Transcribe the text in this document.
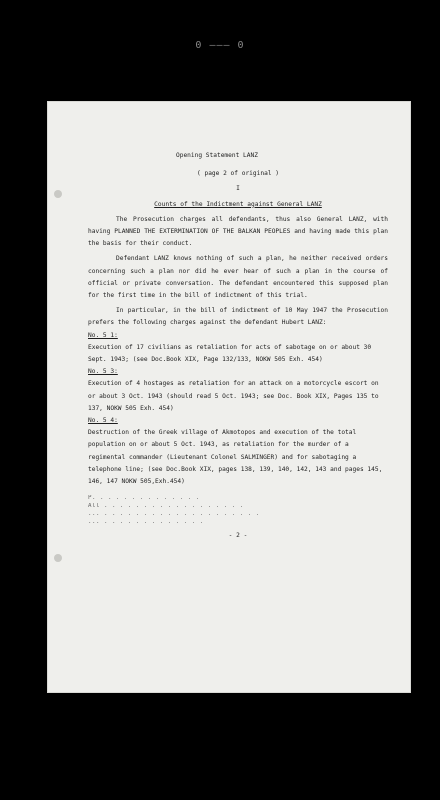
0 ——— 0
Opening Statement LANZ
( page 2 of original )
I
Counts of the Indictment against General LANZ
The Prosecution charges all defendants, thus also General LANZ, with having PLANNED THE EXTERMINATION OF THE BALKAN PEOPLES and having made this plan the basis for their conduct.
Defendant LANZ knows nothing of such a plan, he neither received orders concerning such a plan nor did he ever hear of such a plan in the course of official or private conversation. The defendant encountered this supposed plan for the first time in the bill of indictment of this trial.
In particular, in the bill of indictment of 10 May 1947 the Prosecution prefers the following charges against the defendant Hubert LANZ:
No. 5 1:
Execution of 17 civilians as retaliation for acts of sabotage on or about 30 Sept. 1943; (see Doc.Book XIX, Page 132/133, NOKW 505 Exh. 454)
No. 5 3:
Execution of 4 hostages as retaliation for an attack on a motorcycle escort on or about 3 Oct. 1943 (should read 5 Oct. 1943; see Doc. Book XIX, Pages 135 to 137, NOKW 505 Exh. 454)
No. 5 4:
Destruction of the Greek village of Akmotopos and execution of the total population on or about 5 Oct. 1943, as retaliation for the murder of a regimental commander (Lieutenant Colonel SALMINGER) and for sabotaging a telephone line; (see Doc.Book XIX, pages 138, 139, 140, 142, 143 and pages 145, 146, 147 NOKW 505,Exh.454)
P. . . . . . . . . . . . . .
All . . . . . . . . . . . . . . . . . .
... . . . . . . . . . . . . . . . . . . . .
... . . . . . . . . . . . . .
- 2 -
